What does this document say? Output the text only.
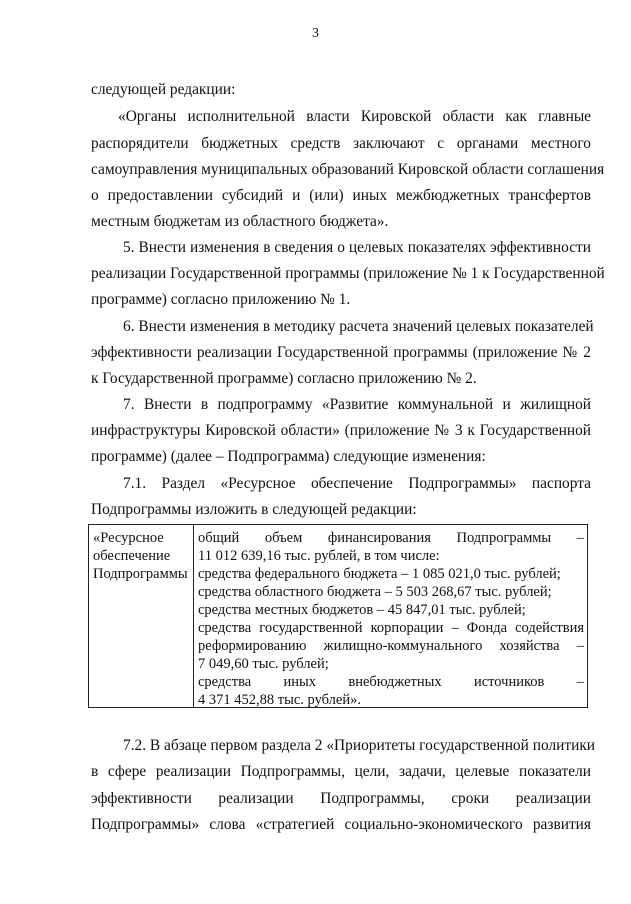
3
следующей редакции:
«Органы исполнительной власти Кировской области как главные
распорядители бюджетных средств заключают с органами местного
самоуправления муниципальных образований Кировской области соглашения
о предоставлении субсидий и (или) иных межбюджетных трансфертов
местным бюджетам из областного бюджета».
5. Внести изменения в сведения о целевых показателях эффективности
реализации Государственной программы (приложение № 1 к Государственной
программе) согласно приложению № 1.
6. Внести изменения в методику расчета значений целевых показателей
эффективности реализации Государственной программы (приложение № 2
к Государственной программе) согласно приложению № 2.
7. Внести в подпрограмму «Развитие коммунальной и жилищной
инфраструктуры Кировской области» (приложение № 3 к Государственной
программе) (далее – Подпрограмма) следующие изменения:
7.1. Раздел «Ресурсное обеспечение Подпрограммы» паспорта
Подпрограммы изложить в следующей редакции:
«Ресурсное
обеспечение
Подпрограммы
общий объем финансирования Подпрограммы –
11 012 639,16 тыс. рублей, в том числе:
средства федерального бюджета – 1 085 021,0 тыс. рублей;
средства областного бюджета – 5 503 268,67 тыс. рублей;
средства местных бюджетов – 45 847,01 тыс. рублей;
средства государственной корпорации – Фонда содействия
реформированию жилищно-коммунального хозяйства –
7 049,60 тыс. рублей;
средства иных внебюджетных источников –
4 371 452,88 тыс. рублей».
7.2. В абзаце первом раздела 2 «Приоритеты государственной политики
в сфере реализации Подпрограммы, цели, задачи, целевые показатели
эффективности реализации Подпрограммы, сроки реализации
Подпрограммы» слова «стратегией социально-экономического развития
